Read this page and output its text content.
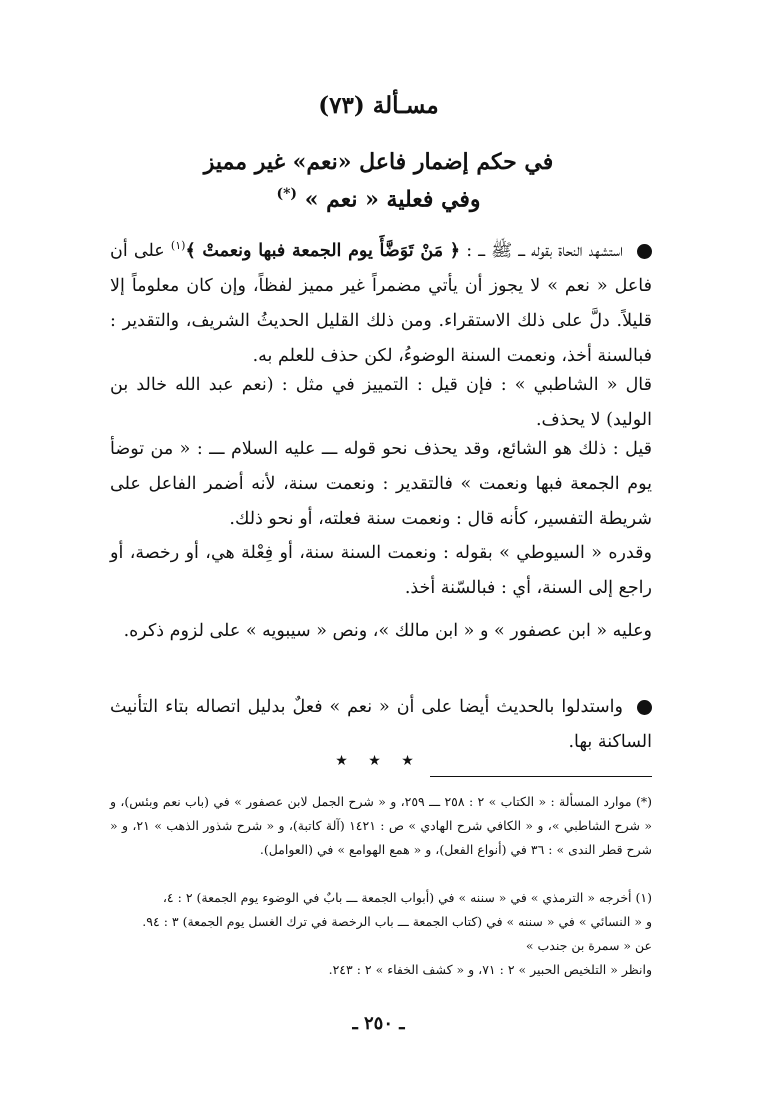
مسـألة (٧٣)
في حكم إضمار فاعل «نعم» غير مميز
وفي فعلية « نعم » (*)
استشهد النحاة بقوله ـــ ﷺ ـــ : ﴿ مَنْ تَوَضَّأَ يوم الجمعة فبها ونعمتْ ﴾$^{(١)}$ على أن فاعل « نعم » لا يجوز أن يأتي مضمراً غير مميز لفظاً، وإن كان معلوماً إلا قليلاً. دلَّ على ذلك الاستقراء. ومن ذلك القليل الحديثُ الشريف، والتقدير : فبالسنة أخذ، ونعمت السنة الوضوءُ، لكن حذف للعلم به.
قال « الشاطبي » : فإن قيل : التمييز في مثل : (نعم عبد الله خالد بن الوليد) لا يحذف.
قيل : ذلك هو الشائع، وقد يحذف نحو قوله ـــ عليه السلام ـــ : « من توضأ يوم الجمعة فبها ونعمت » فالتقدير : ونعمت سنة، لأنه أضمر الفاعل على شريطة التفسير، كأنه قال : ونعمت سنة فعلته، أو نحو ذلك.
وقدره « السيوطي » بقوله : ونعمت السنة سنة، أو فِعْلة هي، أو رخصة، أو راجع إلى السنة، أي : فبالسّنة أخذ.
وعليه « ابن عصفور » و « ابن مالك »، ونص « سيبويه » على لزوم ذكره.
واستدلوا بالحديث أيضا على أن « نعم » فعلٌ بدليل اتصاله بتاء التأنيث الساكنة بها.
★ ★ ★
(*) موارد المسألة : « الكتاب » ٢ : ٢٥٨ ـــ ٢٥٩، و « شرح الجمل لابن عصفور » في (باب نعم وبئس)، و « شرح الشاطبي »، و « الكافي شرح الهادي » ص : ١٤٢١ (آلة كاتبة)، و « شرح شذور الذهب » ٢١، و « شرح قطر الندى » : ٣٦ في (أنواع الفعل)، و « همع الهوامع » في (العوامل).
(١) أخرجه « الترمذي » في « سننه » في (أبواب الجمعة ـــ بابٌ في الوضوء يوم الجمعة) ٢ : ٤،
و « النسائي » في « سننه » في (كتاب الجمعة ـــ باب الرخصة في ترك الغسل يوم الجمعة) ٣ : ٩٤.
عن « سمرة بن جندب »
وانظر « التلخيص الحبير » ٢ : ٧١، و « كشف الخفاء » ٢ : ٢٤٣.
ـ ٢٥٠ ـ
